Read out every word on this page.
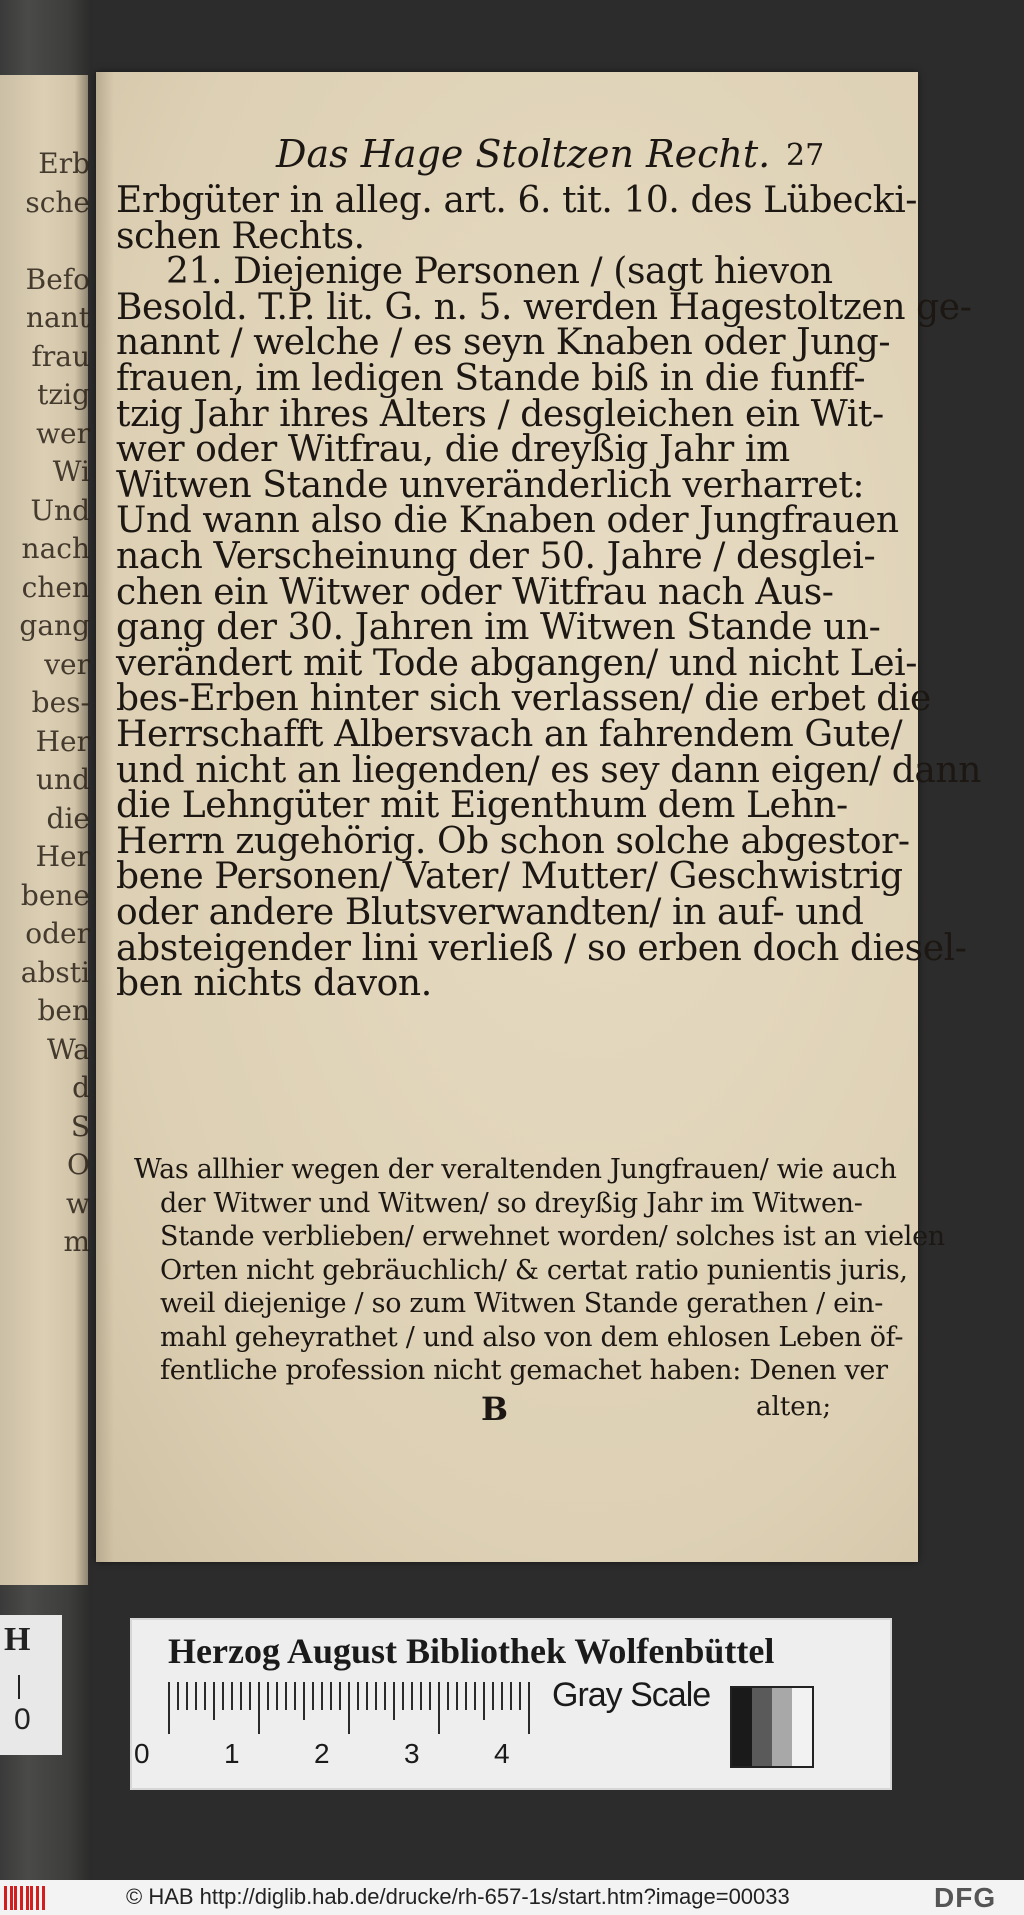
Erb
sche
Befo
nant
frau
tzig
wer
Wi
Und
nach
chen
gang
ver
bes-
Her
und
die
Her
bene
oder
absti
ben
Wa
d
S
O
w
m
H
0
Das Hage Stoltzen Recht. 27
Erbgüter in alleg. art. 6. tit. 10. des Lübecki-
schen Rechts.
21. Diejenige Personen / (sagt hievon
Besold. T.P. lit. G. n. 5. werden Hagestoltzen ge-
nannt / welche / es seyn Knaben oder Jung-
frauen, im ledigen Stande biß in die funff-
tzig Jahr ihres Alters / desgleichen ein Wit-
wer oder Witfrau, die dreyßig Jahr im
Witwen Stande unveränderlich verharret:
Und wann also die Knaben oder Jungfrauen
nach Verscheinung der 50. Jahre / desglei-
chen ein Witwer oder Witfrau nach Aus-
gang der 30. Jahren im Witwen Stande un-
verändert mit Tode abgangen/ und nicht Lei-
bes-Erben hinter sich verlassen/ die erbet die
Herrschafft Albersvach an fahrendem Gute/
und nicht an liegenden/ es sey dann eigen/ dann
die Lehngüter mit Eigenthum dem Lehn-
Herrn zugehörig. Ob schon solche abgestor-
bene Personen/ Vater/ Mutter/ Geschwistrig
oder andere Blutsverwandten/ in auf- und
absteigender lini verließ / so erben doch diesel-
ben nichts davon.
Was allhier wegen der veraltenden Jungfrauen/ wie auch
der Witwer und Witwen/ so dreyßig Jahr im Witwen-
Stande verblieben/ erwehnet worden/ solches ist an vielen
Orten nicht gebräuchlich/ & certat ratio punientis juris,
weil diejenige / so zum Witwen Stande gerathen / ein-
mahl geheyrathet / und also von dem ehlosen Leben öf-
fentliche profession nicht gemachet haben: Denen ver
B	alten;
Herzog August Bibliothek Wolfenbüttel
Gray Scale
0	1	2	3	4
© HAB http://diglib.hab.de/drucke/rh-657-1s/start.htm?image=00033	DFG
